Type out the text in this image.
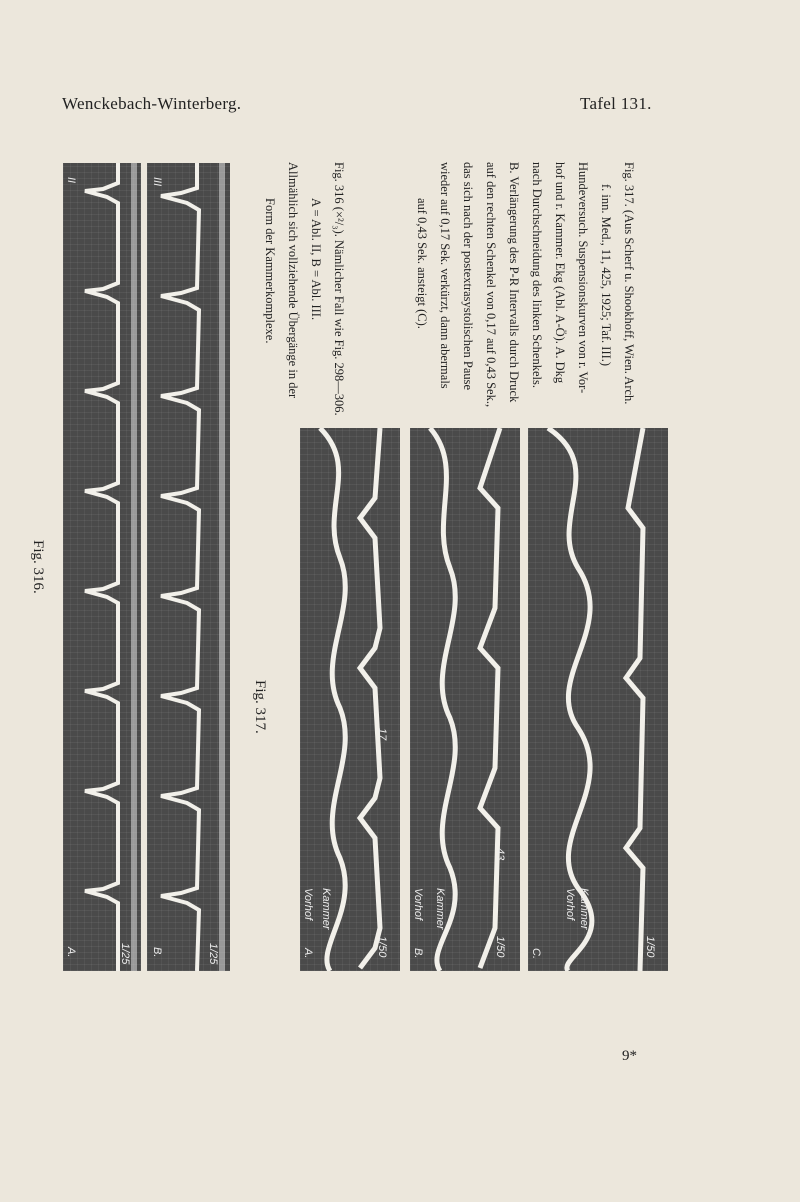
Wenckebach-Winterberg.	Tafel 131.
Fig. 316.
A.
II
1/25 B.
III
1/25
Fig. 317.
A.
Vorhof Kammer
1/50
17
B.
Vorhof Kammer
1/50
43
C.
Vorhof Kammer
1/50

Fig. 316 (×²/₃). Nämlicher Fall wie Fig. 298—306.

A = Abl. II, B = Abl. III.

Allmählich sich vollziehende Übergänge in der

Form der Kammerkomplexe.	Fig. 317. (Aus Scherf u. Shookhoff, Wien. Arch.

f. inn. Med., 11, 425, 1925; Taf. III.)

Hundeversuch. Suspensionskurven von r. Vor-

hof und r. Kammer. Ekg (Abl. A-Ö). A. Dkg

nach Durchschneidung des linken Schenkels.

B. Verlängerung des P-R Intervalls durch Druck

auf den rechten Schenkel von 0,17 auf 0,43 Sek.,

das sich nach der postextrasystolischen Pause

wieder auf 0,17 Sek. verkürzt, dann abermals

auf 0,43 Sek. ansteigt (C).

9*
